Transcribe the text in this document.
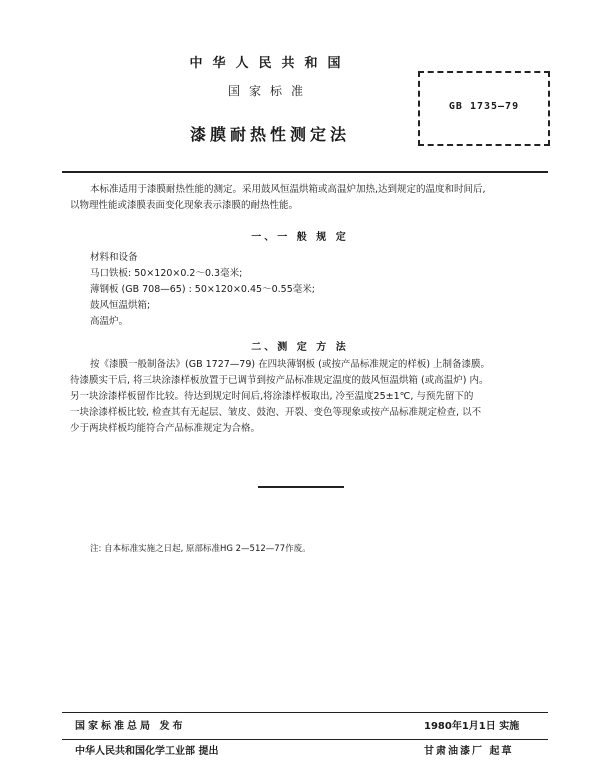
中华人民共和国
国家标准
漆膜耐热性测定法
GB 1735—79
本标准适用于漆膜耐热性能的测定。采用鼓风恒温烘箱或高温炉加热,达到规定的温度和时间后,
以物理性能或漆膜表面变化现象表示漆膜的耐热性能。
一、一 般 规 定
材料和设备
马口铁板: 50×120×0.2～0.3毫米;
薄钢板 (GB 708—65) : 50×120×0.45～0.55毫米;
鼓风恒温烘箱;
高温炉。
二、测 定 方 法
按《漆膜一般制备法》(GB 1727—79) 在四块薄钢板 (或按产品标准规定的样板) 上制备漆膜。
待漆膜实干后, 将三块涂漆样板放置于已调节到按产品标准规定温度的鼓风恒温烘箱 (或高温炉) 内。
另一块涂漆样板留作比较。待达到规定时间后,将涂漆样板取出, 冷至温度25±1℃, 与预先留下的
一块涂漆样板比较, 检查其有无起层、皱皮、鼓泡、开裂、变色等现象或按产品标准规定检查, 以不
少于两块样板均能符合产品标准规定为合格。
注: 自本标准实施之日起, 原部标准HG 2—512—77作废。
国家标准总局 发布
中华人民共和国化学工业部 提出
1980年1月1日 实施
甘肃油漆厂 起草
